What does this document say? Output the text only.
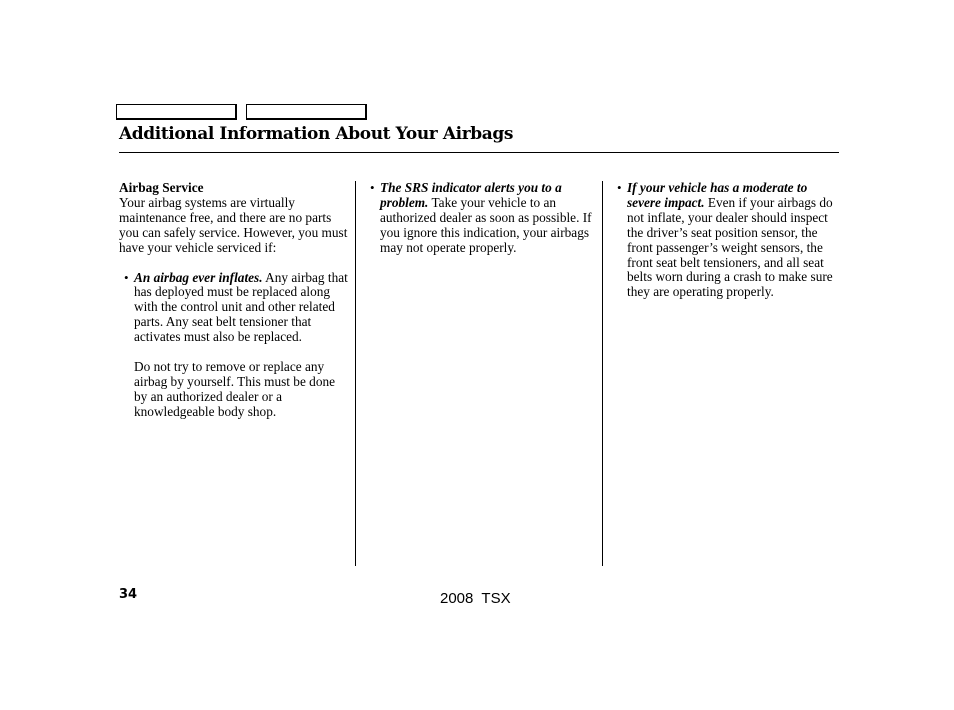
Additional Information About Your Airbags

Airbag Service

Your airbag systems are virtually maintenance free, and there are no parts you can safely service. However, you must have your vehicle serviced if:

• An airbag ever inflates. Any airbag that has deployed must be replaced along with the control unit and other related parts. Any seat belt tensioner that activates must also be replaced.

Do not try to remove or replace any airbag by yourself. This must be done by an authorized dealer or a knowledgeable body shop.

• The SRS indicator alerts you to a problem. Take your vehicle to an authorized dealer as soon as possible. If you ignore this indication, your airbags may not operate properly.

• If your vehicle has a moderate to severe impact. Even if your airbags do not inflate, your dealer should inspect the driver’s seat position sensor, the front passenger’s weight sensors, the front seat belt tensioners, and all seat belts worn during a crash to make sure they are operating properly.

34	2008  TSX
